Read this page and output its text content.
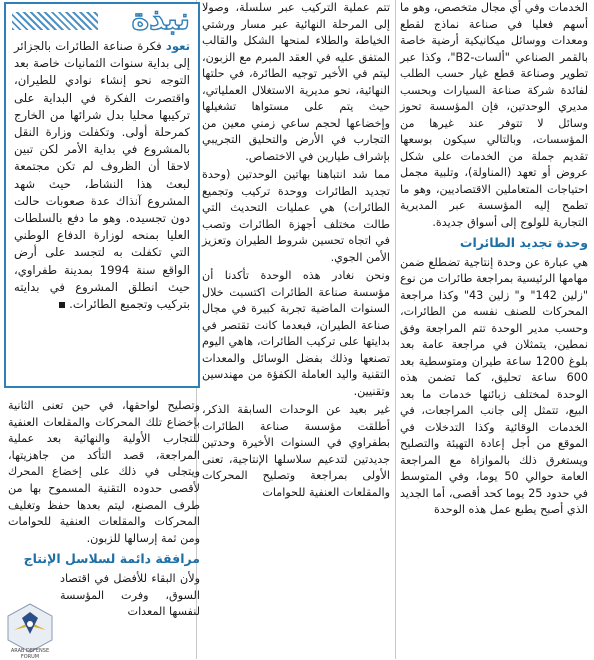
الخدمات وفي أي مجال متخصص، وهو ما أسهم فعليا في صناعة نماذج لقطع ومعدات ووسائل ميكانيكية أرضية خاصة بالقمر الصناعي "ألسات-B2"، وكذا عبر تطوير وصناعة قطع غيار حسب الطلب لفائدة شركة صناعة السيارات وبحسب مديري الوحدتين، فإن المؤسسة تحوز وسائل لا تتوفر عند غيرها من المؤسسات، وبالتالي سيكون بوسعها تقديم جملة من الخدمات على شكل عروض أو تعهد (المناولة)، وتلبية مجمل احتياجات المتعاملين الاقتصاديين، وهو ما تطمح إليه المؤسسة عبر المديرية التجارية للولوج إلى أسواق جديدة.

وحدة تجديد الطائرات

هي عبارة عن وحدة إنتاجية تضطلع ضمن مهامها الرئيسية بمراجعة طائرات من نوع "زلين 142" و" زلين 43" وكذا مراجعة المحركات للصنف نفسه من الطائرات، وحسب مدير الوحدة تتم المراجعة وفق نمطين، يتمثلان في مراجعة عامة بعد بلوغ 1200 ساعة طيران ومتوسطية بعد 600 ساعة تحليق، كما تضمن هذه الوحدة لمختلف زبائنها خدمات ما بعد البيع، تتمثل إلى جانب المراجعات، في الخدمات الوقائية وكذا التدخلات في الموقع من أجل إعادة التهيئة والتصليح ويستغرق ذلك بالموازاة مع المراجعة العامة حوالي 50 يوما، وفي المتوسط في حدود 25 يوما كحد أقصى، أما الجديد الذي أصبح يطبع عمل هذه الوحدة

تتم عملية التركيب عبر سلسلة، وصولا إلى المرحلة النهائية عبر مسار ورشتي الخياطة والطلاء لمنحها الشكل والقالب المتفق عليه في العقد المبرم مع الزبون، ليتم في الأخير توجيه الطائرة، في حلتها النهائية، نحو مديرية الاستغلال العملياتي، حيث يتم على مستواها تشغيلها وإخضاعها لحجم ساعي زمني معين من التجارب في الأرض والتحليق التجريبي بإشراف طيارين في الاختصاص.

مما شد انتباهنا بهاتين الوحدتين (وحدة تجديد الطائرات ووحدة تركيب وتجميع الطائرات) هي عمليات التحديث التي طالت مختلف أجهزة الطائرات وتصب في اتجاه تحسين شروط الطيران وتعزيز الأمن الجوي.

ونحن نغادر هذه الوحدة تأكدنا أن مؤسسة صناعة الطائرات اكتسبت خلال السنوات الماضية تجربة كبيرة في مجال صناعة الطيران، فبعدما كانت تقتصر في بدايتها على تركيب الطائرات، هاهي اليوم تصنعها وذلك بفضل الوسائل والمعدات التقنية واليد العاملة الكفؤة من مهندسين وتقنيين.

غير بعيد عن الوحدات السابقة الذكر، أطلقت مؤسسة صناعة الطائرات بطفراوي في السنوات الأخيرة وحدتين جديدتين لتدعيم سلاسلها الإنتاجية، تعنى الأولى بمراجعة وتصليح المحركات والمقلعات العنفية للحوامات

نبذة
تعود فكرة صناعة الطائرات بالجزائر إلى بداية سنوات الثمانيات خاصة بعد التوجه نحو إنشاء نوادي للطيران، واقتصرت الفكرة في البداية على تركيبها محليا بدل شرائها من الخارج كمرحلة أولى. وتكفلت وزارة النقل بالمشروع في بداية الأمر لكن تبين لاحقا أن الظروف لم تكن مجتمعة لبعث هذا النشاط، حيث شهد المشروع آنذاك عدة صعوبات حالت دون تجسيده. وهو ما دفع بالسلطات العليا بمنحه لوزارة الدفاع الوطني التي تكفلت به لتجسد على أرض الواقع سنة 1994 بمدينة طفراوي، حيث انطلق المشروع في بدايته بتركيب وتجميع الطائرات.

وتصليح لواحقها، في حين تعنى الثانية بإخضاع تلك المحركات والمقلعات العنفية للتجارب الأولية والنهائية بعد عملية المراجعة، قصد التأكد من جاهزيتها، ويتجلى في ذلك على إخضاع المحرك لأقصى حدوده التقنية المسموح بها من طرف المصنع، ليتم بعدها حفظ وتغليف المحركات والمقلعات العنفية للحوامات ومن ثمة إرسالها للزبون.

مرافقة دائمة لسلاسل الإنتاج

ولأن البقاء للأفضل في اقتصاد السوق، وفرت المؤسسة لنفسها المعدات

ARAB DEFENSE FORUM
